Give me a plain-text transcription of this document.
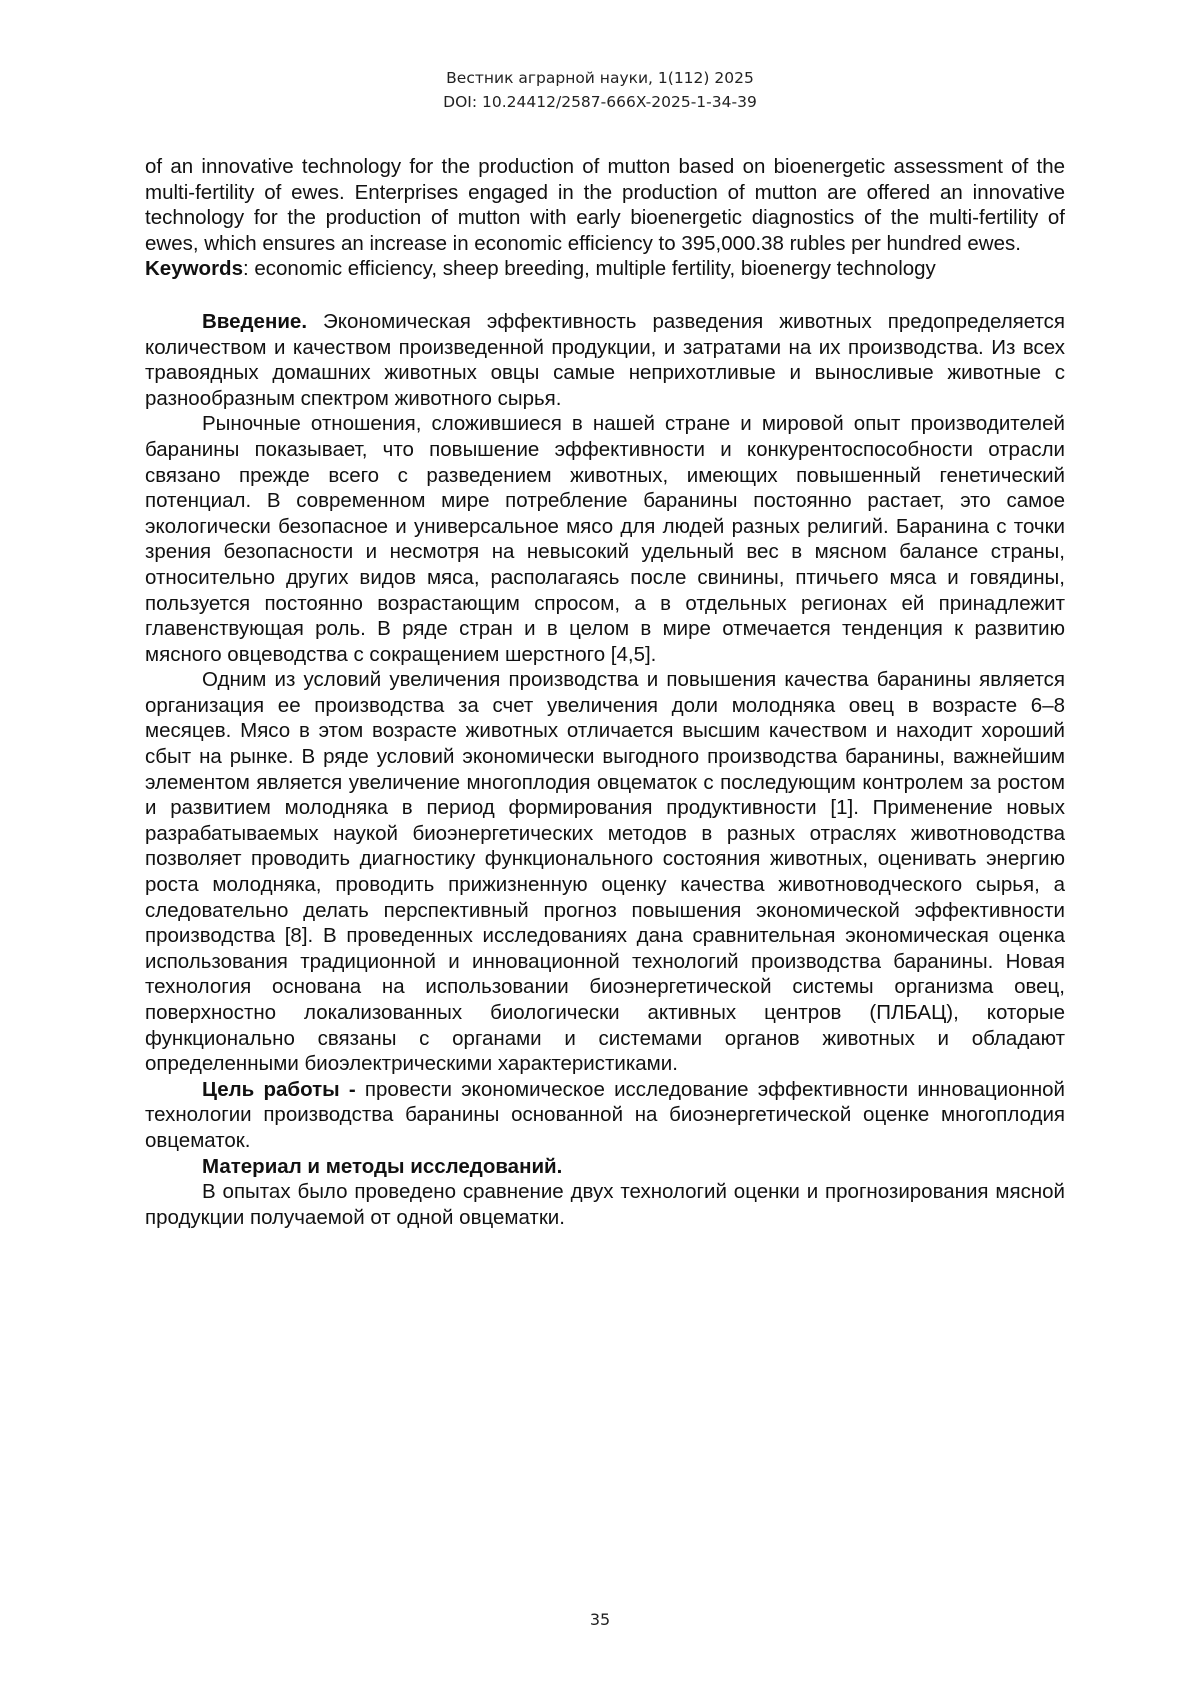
Вестник аграрной науки, 1(112) 2025
DOI: 10.24412/2587-666X-2025-1-34-39

of an innovative technology for the production of mutton based on bioenergetic assessment of the multi-fertility of ewes. Enterprises engaged in the production of mutton are offered an innovative technology for the production of mutton with early bioenergetic diagnostics of the multi-fertility of ewes, which ensures an increase in economic efficiency to 395,000.38 rubles per hundred ewes.

Keywords: economic efficiency, sheep breeding, multiple fertility, bioenergy technology

Введение. Экономическая эффективность разведения животных предопределяется количеством и качеством произведенной продукции, и затратами на их производства. Из всех травоядных домашних животных овцы самые неприхотливые и выносливые животные с разнообразным спектром животного сырья.

Рыночные отношения, сложившиеся в нашей стране и мировой опыт производителей баранины показывает, что повышение эффективности и конкурентоспособности отрасли связано прежде всего с разведением животных, имеющих повышенный генетический потенциал. В современном мире потребление баранины постоянно растает, это самое экологически безопасное и универсальное мясо для людей разных религий. Баранина с точки зрения безопасности и несмотря на невысокий удельный вес в мясном балансе страны, относительно других видов мяса, располагаясь после свинины, птичьего мяса и говядины, пользуется постоянно возрастающим спросом, а в отдельных регионах ей принадлежит главенствующая роль. В ряде стран и в целом в мире отмечается тенденция к развитию мясного овцеводства с сокращением шерстного [4,5].

Одним из условий увеличения производства и повышения качества баранины является организация ее производства за счет увеличения доли молодняка овец в возрасте 6–8 месяцев. Мясо в этом возрасте животных отличается высшим качеством и находит хороший сбыт на рынке. В ряде условий экономически выгодного производства баранины, важнейшим элементом является увеличение многоплодия овцематок с последующим контролем за ростом и развитием молодняка в период формирования продуктивности [1]. Применение новых разрабатываемых наукой биоэнергетических методов в разных отраслях животноводства позволяет проводить диагностику функционального состояния животных, оценивать энергию роста молодняка, проводить прижизненную оценку качества животноводческого сырья, а следовательно делать перспективный прогноз повышения экономической эффективности производства [8]. В проведенных исследованиях дана сравнительная экономическая оценка использования традиционной и инновационной технологий производства баранины. Новая технология основана на использовании биоэнергетической системы организма овец, поверхностно локализованных биологически активных центров (ПЛБАЦ), которые функционально связаны с органами и системами органов животных и обладают определенными биоэлектрическими характеристиками.

Цель работы - провести экономическое исследование эффективности инновационной технологии производства баранины основанной на биоэнергетической оценке многоплодия овцематок.

Материал и методы исследований.

В опытах было проведено сравнение двух технологий оценки и прогнозирования мясной продукции получаемой от одной овцематки.

35
